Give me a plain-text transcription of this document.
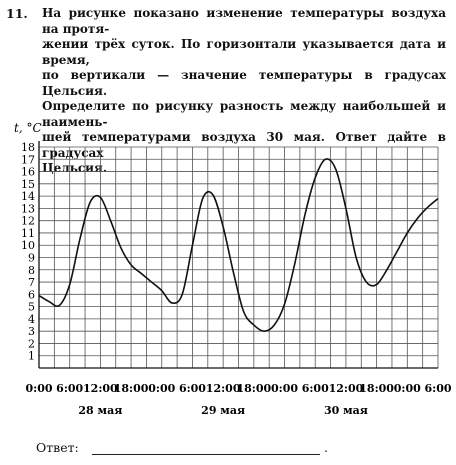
11. На рисунке показано изменение температуры воздуха на протя-
жении трёх суток. По горизонтали указывается дата и время,
по вертикали — значение температуры в градусах Цельсия.
Определите по рисунку разность между наибольшей и наимень-
шей температурами воздуха 30 мая. Ответ дайте в градусах
Цельсия.
t, °C
1
2
3
4
5
6
7
8
9
10
11
12
13
14
15
16
17
18
0:00 6:00 12:00
18:00 0:00 6:00 12:00
18:00 0:00 6:00 12:00
18:00 0:00 6:00
28 мая	29 мая	30 мая
Ответ:	.
